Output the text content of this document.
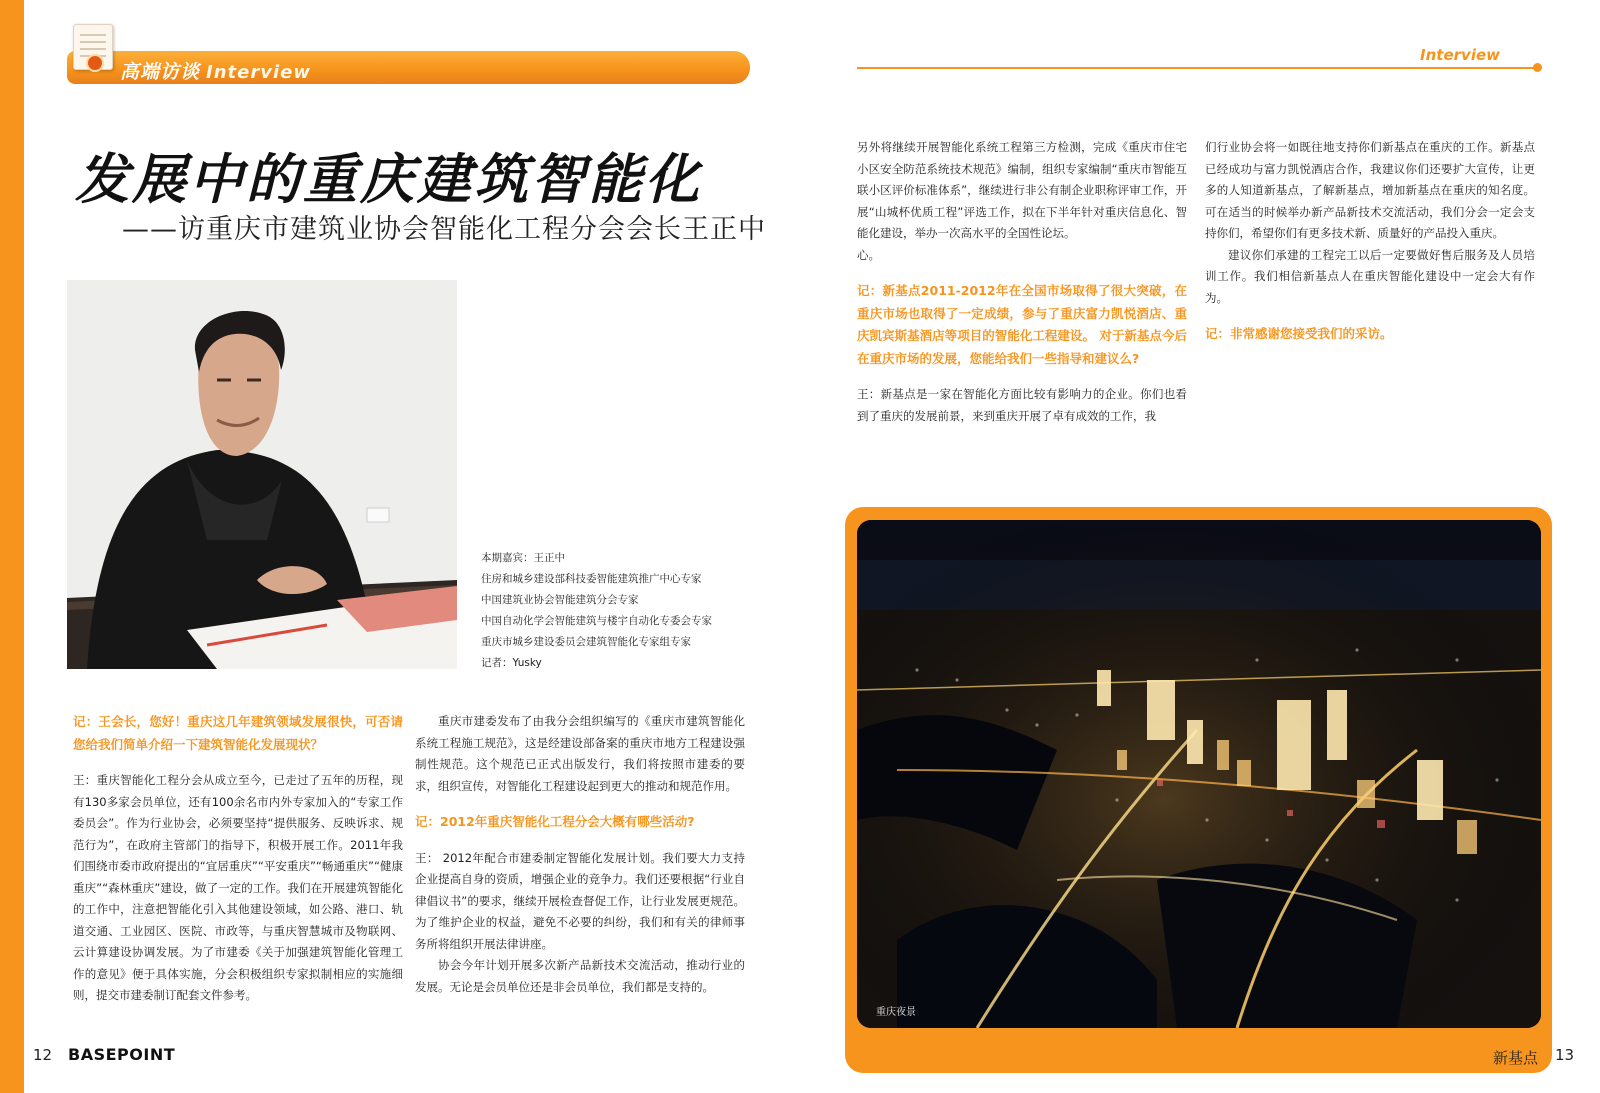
高端访谈 Interview
Interview
发展中的重庆建筑智能化
——访重庆市建筑业协会智能化工程分会会长王正中
本期嘉宾：王正中
住房和城乡建设部科技委智能建筑推广中心专家
中国建筑业协会智能建筑分会专家
中国自动化学会智能建筑与楼宇自动化专委会专家
重庆市城乡建设委员会建筑智能化专家组专家
记者：Yusky

记：王会长，您好！重庆这几年建筑领域发展很快，可否请您给我们简单介绍一下建筑智能化发展现状？

王：重庆智能化工程分会从成立至今，已走过了五年的历程，现有130多家会员单位，还有100余名市内外专家加入的“专家工作委员会”。作为行业协会，必须要坚持“提供服务、反映诉求、规范行为”，在政府主管部门的指导下，积极开展工作。2011年我们围绕市委市政府提出的“宜居重庆”“平安重庆”“畅通重庆”“健康重庆”“森林重庆”建设，做了一定的工作。我们在开展建筑智能化的工作中，注意把智能化引入其他建设领域，如公路、港口、轨道交通、工业园区、医院、市政等，与重庆智慧城市及物联网、云计算建设协调发展。为了市建委《关于加强建筑智能化管理工作的意见》便于具体实施，分会积极组织专家拟制相应的实施细则，提交市建委制订配套文件参考。

重庆市建委发布了由我分会组织编写的《重庆市建筑智能化系统工程施工规范》，这是经建设部备案的重庆市地方工程建设强制性规范。这个规范已正式出版发行，我们将按照市建委的要求，组织宣传，对智能化工程建设起到更大的推动和规范作用。

记：2012年重庆智能化工程分会大概有哪些活动?

王： 2012年配合市建委制定智能化发展计划。我们要大力支持企业提高自身的资质，增强企业的竞争力。我们还要根据“行业自律倡议书”的要求，继续开展检查督促工作，让行业发展更规范。为了维护企业的权益，避免不必要的纠纷，我们和有关的律师事务所将组织开展法律讲座。

协会今年计划开展多次新产品新技术交流活动，推动行业的发展。无论是会员单位还是非会员单位，我们都是支持的。

另外将继续开展智能化系统工程第三方检测，完成《重庆市住宅小区安全防范系统技术规范》编制，组织专家编制“重庆市智能互联小区评价标准体系”，继续进行非公有制企业职称评审工作，开展“山城杯优质工程”评选工作，拟在下半年针对重庆信息化、智能化建设，举办一次高水平的全国性论坛。

心。

记：新基点2011-2012年在全国市场取得了很大突破，在重庆市场也取得了一定成绩，参与了重庆富力凯悦酒店、重庆凯宾斯基酒店等项目的智能化工程建设。 对于新基点今后在重庆市场的发展，您能给我们一些指导和建议么?

王：新基点是一家在智能化方面比较有影响力的企业。你们也看到了重庆的发展前景，来到重庆开展了卓有成效的工作，我

们行业协会将一如既往地支持你们新基点在重庆的工作。新基点已经成功与富力凯悦酒店合作，我建议你们还要扩大宣传，让更多的人知道新基点，了解新基点，增加新基点在重庆的知名度。可在适当的时候举办新产品新技术交流活动，我们分会一定会支持你们，希望你们有更多技术新、质量好的产品投入重庆。

建议你们承建的工程完工以后一定要做好售后服务及人员培训工作。我们相信新基点人在重庆智能化建设中一定会大有作为。

记：非常感谢您接受我们的采访。

重庆夜景
12 BASEPOINT	新基点 13
